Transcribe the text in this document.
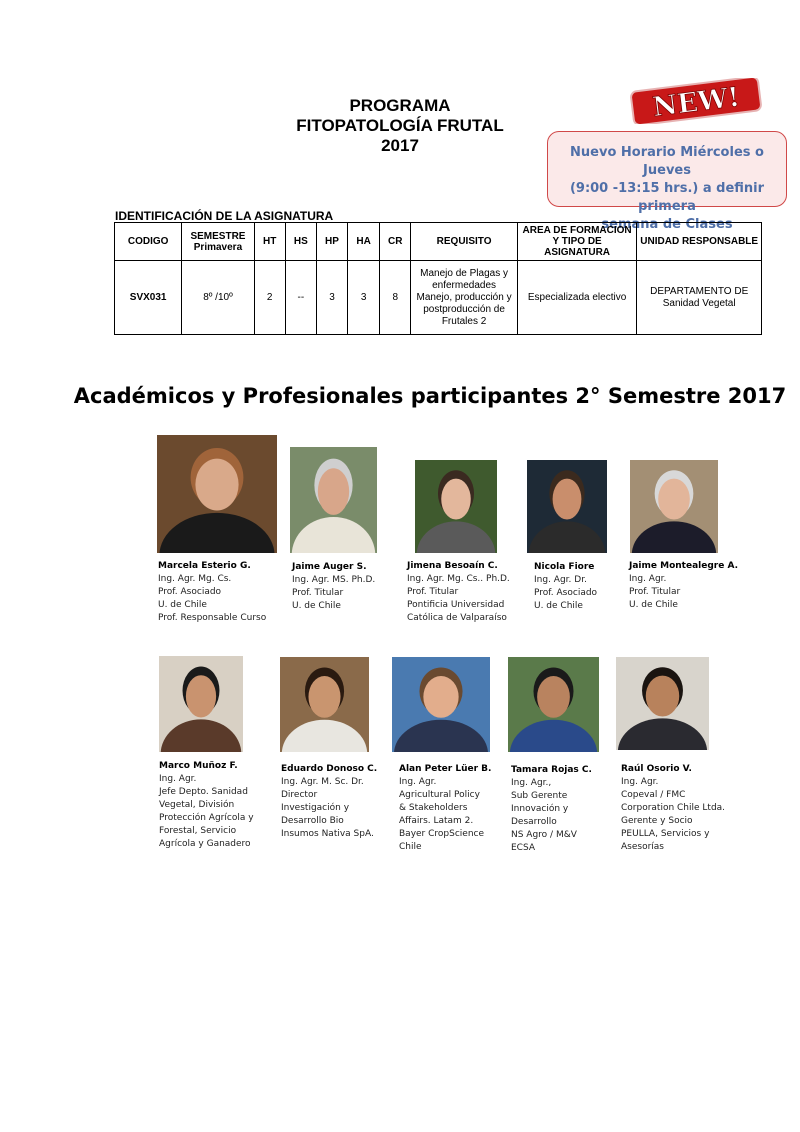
PROGRAMA
FITOPATOLOGÍA FRUTAL
2017
NEW!
Nuevo Horario Miércoles o Jueves
(9:00 -13:15 hrs.) a definir primera
semana de Clases
IDENTIFICACIÓN DE LA ASIGNATURA
CODIGO	SEMESTRE Primavera	HT	HS	HP	HA	CR	REQUISITO	AREA DE FORMACION Y TIPO DE ASIGNATURA	UNIDAD RESPONSABLE
SVX031	8º /10º	2	--	3	3	8	Manejo de Plagas y enfermedades Manejo, producción y postproducción de Frutales 2	Especializada electivo	DEPARTAMENTO DE Sanidad Vegetal
Académicos y Profesionales participantes 2° Semestre 2017
Marcela Esterio G.
Ing. Agr. Mg. Cs.
Prof. Asociado
U. de Chile
Prof. Responsable Curso
Jaime Auger S.
Ing. Agr. MS. Ph.D.
Prof. Titular
U. de Chile
Jimena Besoaín C.
Ing. Agr. Mg. Cs.. Ph.D.
Prof. Titular
Pontificia Universidad
Católica de Valparaíso
Nicola Fiore
Ing. Agr. Dr.
Prof. Asociado
U. de Chile
Jaime Montealegre A.
Ing. Agr.
Prof. Titular
U. de Chile
Marco Muñoz F.
Ing. Agr.
Jefe Depto. Sanidad
Vegetal, División
Protección Agrícola y
Forestal, Servicio
Agrícola y Ganadero
Eduardo Donoso C.
Ing. Agr. M. Sc. Dr.
Director
Investigación y
Desarrollo Bio
Insumos Nativa SpA.
Alan Peter Lüer B.
Ing. Agr.
Agricultural Policy
& Stakeholders
Affairs. Latam 2.
Bayer CropScience
Chile
Tamara Rojas C.
Ing. Agr.,
Sub Gerente
Innovación y
Desarrollo
NS Agro / M&V
ECSA
Raúl Osorio V.
Ing. Agr.
Copeval / FMC
Corporation Chile Ltda.
Gerente y Socio
PEULLA, Servicios y
Asesorías
